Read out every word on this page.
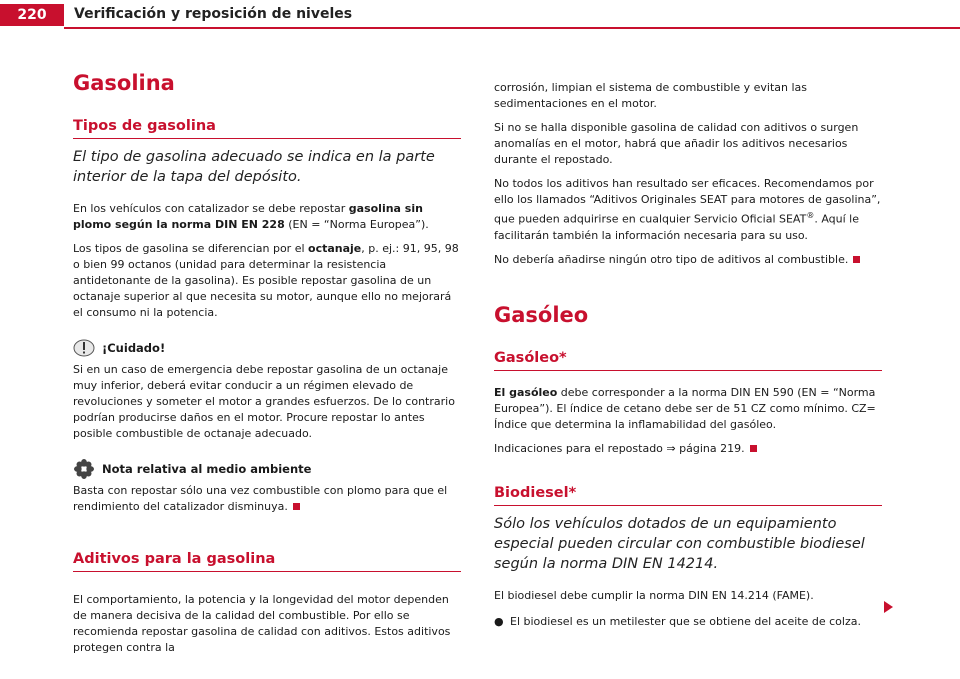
220	Verificación y reposición de niveles
Gasolina
Tipos de gasolina
El tipo de gasolina adecuado se indica en la parte interior de la tapa del depósito.

En los vehículos con catalizador se debe repostar gasolina sin plomo según la norma DIN EN 228 (EN = “Norma Europea”).

Los tipos de gasolina se diferencian por el octanaje, p. ej.: 91, 95, 98 o bien 99 octanos (unidad para determinar la resistencia antidetonante de la gasolina). Es posible repostar gasolina de un octanaje superior al que necesita su motor, aunque ello no mejorará el consumo ni la potencia.

¡Cuidado!

Si en un caso de emergencia debe repostar gasolina de un octanaje muy inferior, deberá evitar conducir a un régimen elevado de revoluciones y someter el motor a grandes esfuerzos. De lo contrario podrían producirse daños en el motor. Procure repostar lo antes posible combustible de octanaje adecuado.

Nota relativa al medio ambiente

Basta con repostar sólo una vez combustible con plomo para que el rendimiento del catalizador disminuya.

Aditivos para la gasolina

El comportamiento, la potencia y la longevidad del motor dependen de manera decisiva de la calidad del combustible. Por ello se recomienda repostar gasolina de calidad con aditivos. Estos aditivos protegen contra la

corrosión, limpian el sistema de combustible y evitan las sedimentaciones en el motor.

Si no se halla disponible gasolina de calidad con aditivos o surgen anomalías en el motor, habrá que añadir los aditivos necesarios durante el repostado.

No todos los aditivos han resultado ser eficaces. Recomendamos por ello los llamados “Aditivos Originales SEAT para motores de gasolina”, que pueden adquirirse en cualquier Servicio Oficial SEAT®. Aquí le facilitarán también la información necesaria para su uso.

No debería añadirse ningún otro tipo de aditivos al combustible.

Gasóleo
Gasóleo*

El gasóleo debe corresponder a la norma DIN EN 590 (EN = “Norma Europea”). El índice de cetano debe ser de 51 CZ como mínimo. CZ= Índice que determina la inflamabilidad del gasóleo.

Indicaciones para el repostado ⇒ página 219.

Biodiesel*
Sólo los vehículos dotados de un equipamiento especial pueden circular con combustible biodiesel según la norma DIN EN 14214.

El biodiesel debe cumplir la norma DIN EN 14.214 (FAME).

● El biodiesel es un metilester que se obtiene del aceite de colza.
